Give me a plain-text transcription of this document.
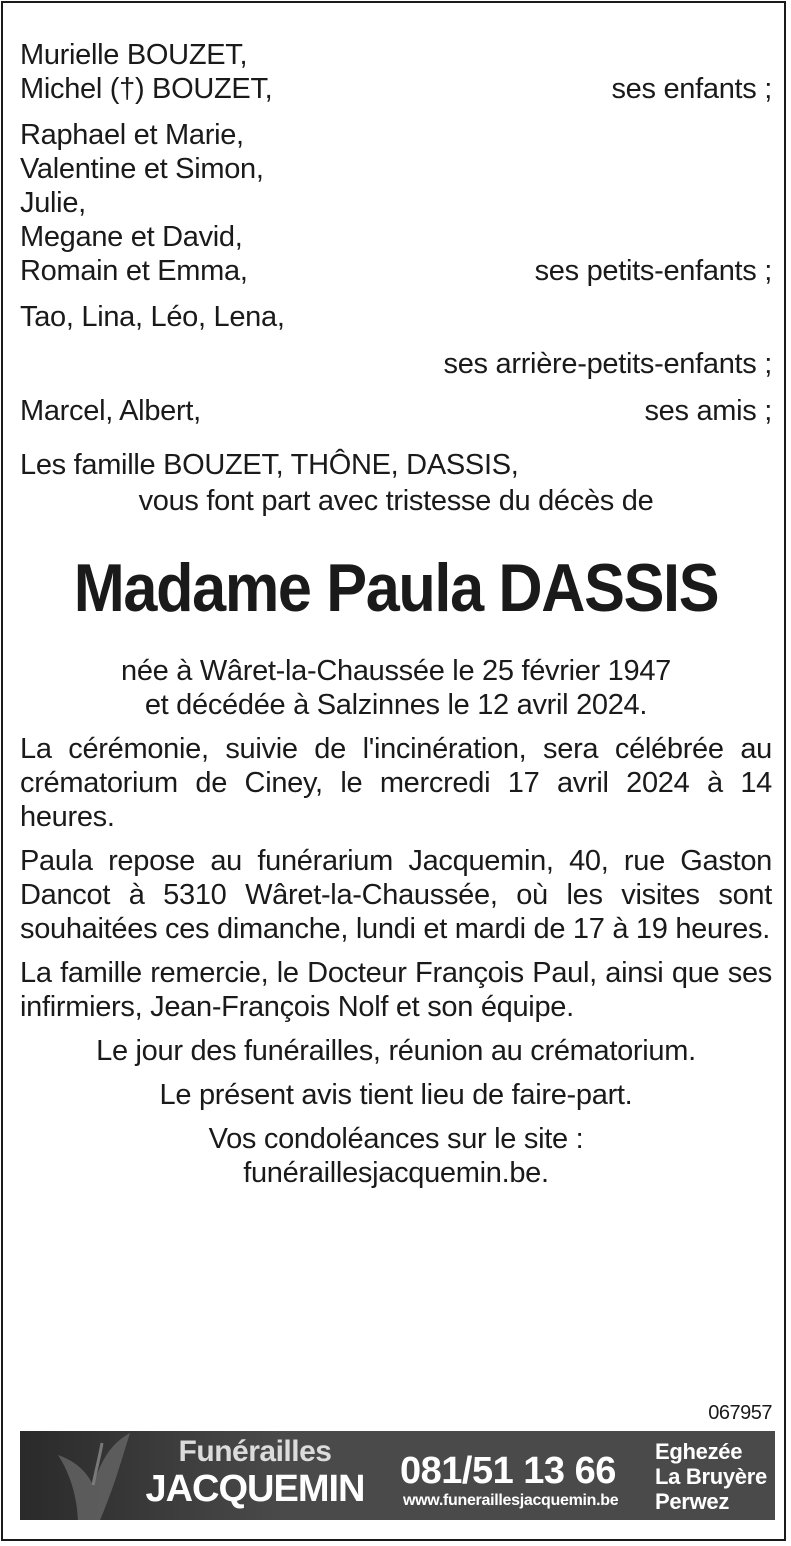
Murielle BOUZET,
Michel (†) BOUZET,	ses enfants ;
Raphael et Marie,
Valentine et Simon,
Julie,
Megane et David,
Romain et Emma,	ses petits-enfants ;
Tao, Lina, Léo, Lena,
ses arrière-petits-enfants ;
Marcel, Albert,	ses amis ;
Les famille BOUZET, THÔNE, DASSIS,
vous font part avec tristesse du décès de
Madame Paula DASSIS
née à Wâret-la-Chaussée le 25 février 1947
et décédée à Salzinnes le 12 avril 2024.
La cérémonie, suivie de l'incinération, sera célébrée au crématorium de Ciney, le mercredi 17 avril 2024 à 14 heures.
Paula repose au funérarium Jacquemin, 40, rue Gaston Dancot à 5310 Wâret-la-Chaussée, où les visites sont souhaitées ces dimanche, lundi et mardi de 17 à 19 heures.
La famille remercie, le Docteur François Paul, ainsi que ses infirmiers, Jean-François Nolf et son équipe.
Le jour des funérailles, réunion au crématorium.
Le présent avis tient lieu de faire-part.
Vos condoléances sur le site :
funéraillesjacquemin.be.
067957
Funérailles
JACQUEMIN 081/51 13 66
www.funeraillesjacquemin.be
Eghezée
La Bruyère
Perwez
